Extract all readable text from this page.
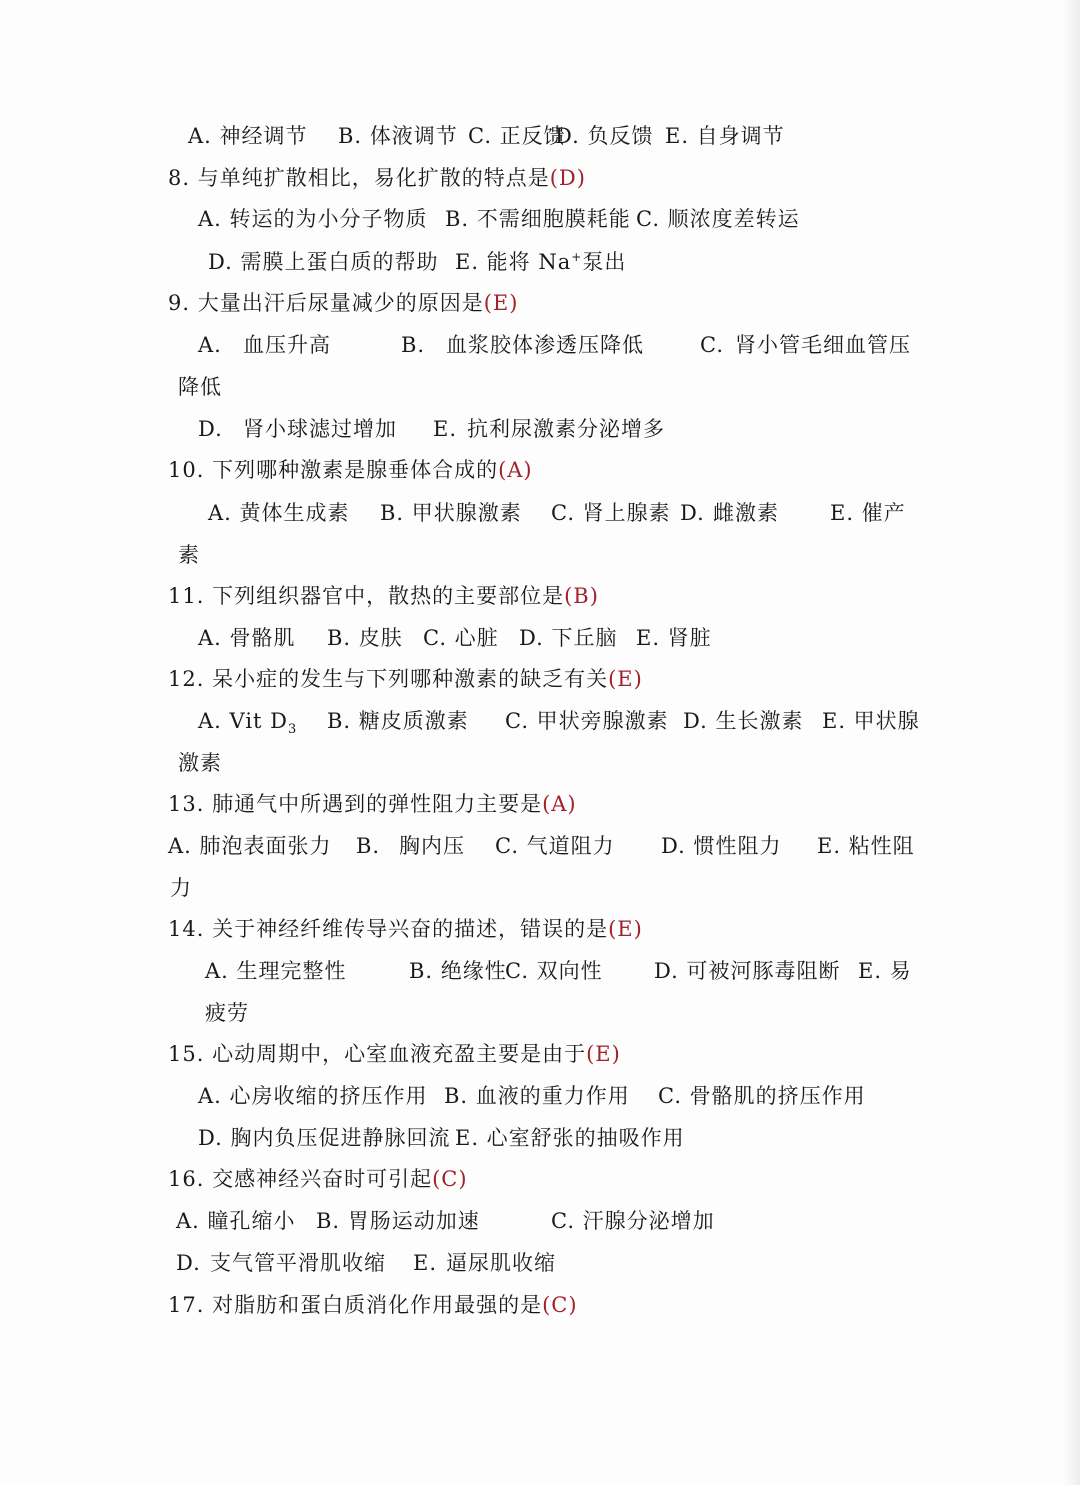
A. 神经调节 B. 体液调节 C. 正反馈
D. 负反馈 E. 自身调节
8. 与单纯扩散相比，易化扩散的特点是(D)
A. 转运的为小分子物质 B. 不需细胞膜耗能 C. 顺浓度差转运
D. 需膜上蛋白质的帮助 E. 能将 Na+泵出
9. 大量出汗后尿量减少的原因是(E)
A. 血压升高	B. 血浆胶体渗透压降低	C. 肾小管毛细血管压
降低
D. 肾小球滤过增加 E. 抗利尿激素分泌增多
10. 下列哪种激素是腺垂体合成的(A)
A. 黄体生成素 B. 甲状腺激素 C. 肾上腺素 D. 雌激素 E. 催产
素
11. 下列组织器官中，散热的主要部位是(B)
A. 骨骼肌 B. 皮肤 C. 心脏 D. 下丘脑 E. 肾脏
12. 呆小症的发生与下列哪种激素的缺乏有关(E)
A. Vit $D_3$ B. 糖皮质激素 C. 甲状旁腺激素 D. 生长激素 E. 甲状腺
激素
13. 肺通气中所遇到的弹性阻力主要是(A)
A. 肺泡表面张力 B. 胸内压 C. 气道阻力 D. 惯性阻力 E. 粘性阻
力
14. 关于神经纤维传导兴奋的描述，错误的是(E)
A. 生理完整性	B. 绝缘性
C. 双向性 D. 可被河豚毒阻断 E. 易
疲劳
15. 心动周期中，心室血液充盈主要是由于(E)
A. 心房收缩的挤压作用 B. 血液的重力作用 C. 骨骼肌的挤压作用
D. 胸内负压促进静脉回流 E. 心室舒张的抽吸作用
16. 交感神经兴奋时可引起(C)
A. 瞳孔缩小 B. 胃肠运动加速	C. 汗腺分泌增加
D. 支气管平滑肌收缩 E. 逼尿肌收缩
17. 对脂肪和蛋白质消化作用最强的是(C)
